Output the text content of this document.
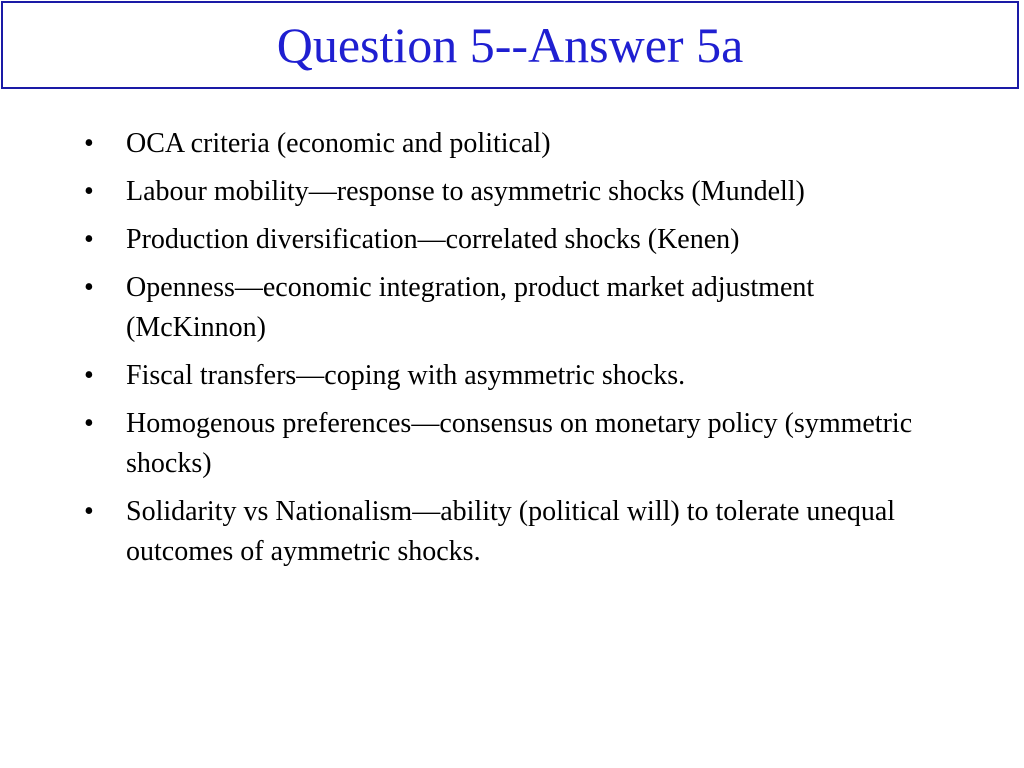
Question 5--Answer 5a
•	OCA criteria (economic and political)
•	Labour mobility—response to asymmetric shocks (Mundell)
•	Production diversification—correlated shocks (Kenen)
•	Openness—economic integration, product market adjustment (McKinnon)
•	Fiscal transfers—coping with asymmetric shocks.
•	Homogenous preferences—consensus on monetary policy (symmetric shocks)
•	Solidarity vs Nationalism—ability (political will) to tolerate unequal outcomes of aymmetric shocks.
